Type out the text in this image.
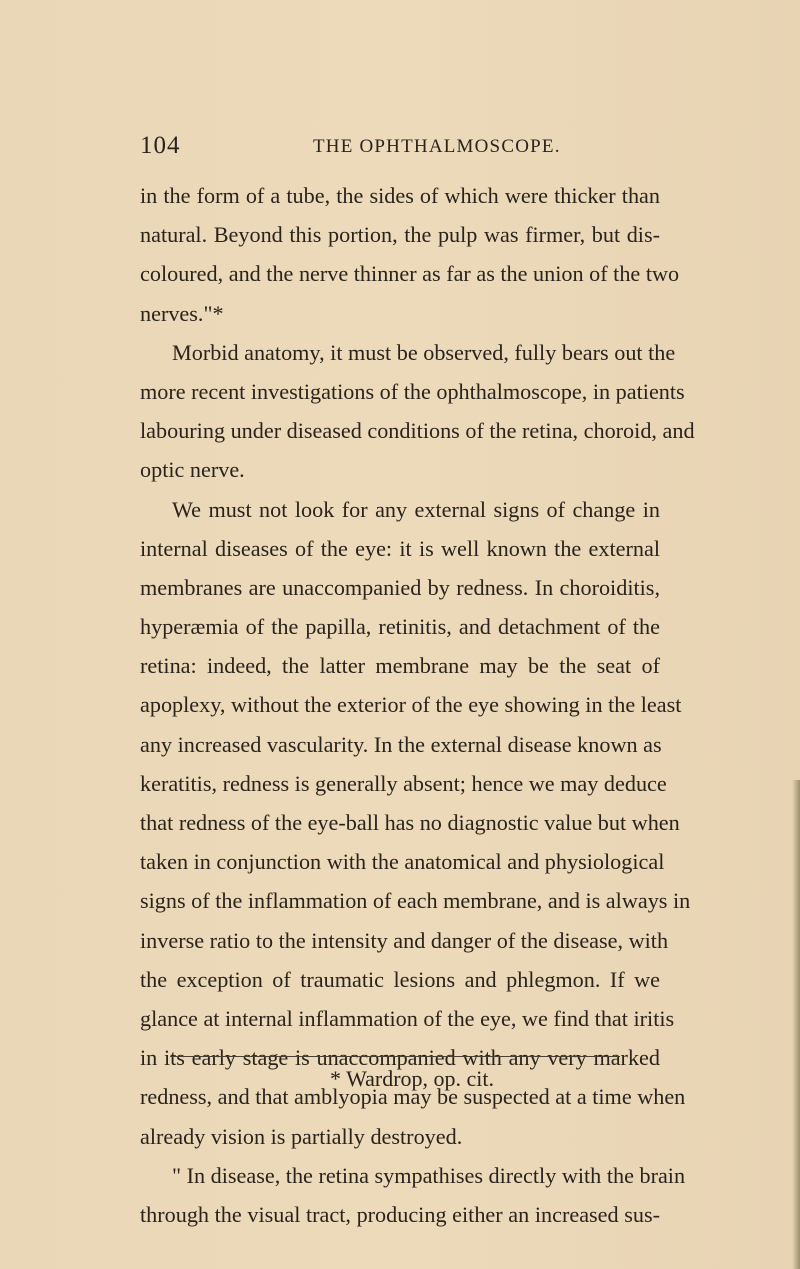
104	THE OPHTHALMOSCOPE.
in the form of a tube, the sides of which were thicker than
natural. Beyond this portion, the pulp was firmer, but dis-
coloured, and the nerve thinner as far as the union of the two
nerves."*
Morbid anatomy, it must be observed, fully bears out the
more recent investigations of the ophthalmoscope, in patients
labouring under diseased conditions of the retina, choroid, and
optic nerve.
We must not look for any external signs of change in
internal diseases of the eye: it is well known the external
membranes are unaccompanied by redness. In choroiditis,
hyperæmia of the papilla, retinitis, and detachment of the
retina: indeed, the latter membrane may be the seat of
apoplexy, without the exterior of the eye showing in the least
any increased vascularity. In the external disease known as
keratitis, redness is generally absent; hence we may deduce
that redness of the eye-ball has no diagnostic value but when
taken in conjunction with the anatomical and physiological
signs of the inflammation of each membrane, and is always in
inverse ratio to the intensity and danger of the disease, with
the exception of traumatic lesions and phlegmon. If we
glance at internal inflammation of the eye, we find that iritis
in its early stage is unaccompanied with any very marked
redness, and that amblyopia may be suspected at a time when
already vision is partially destroyed.
" In disease, the retina sympathises directly with the brain
through the visual tract, producing either an increased sus-
* Wardrop, op. cit.
